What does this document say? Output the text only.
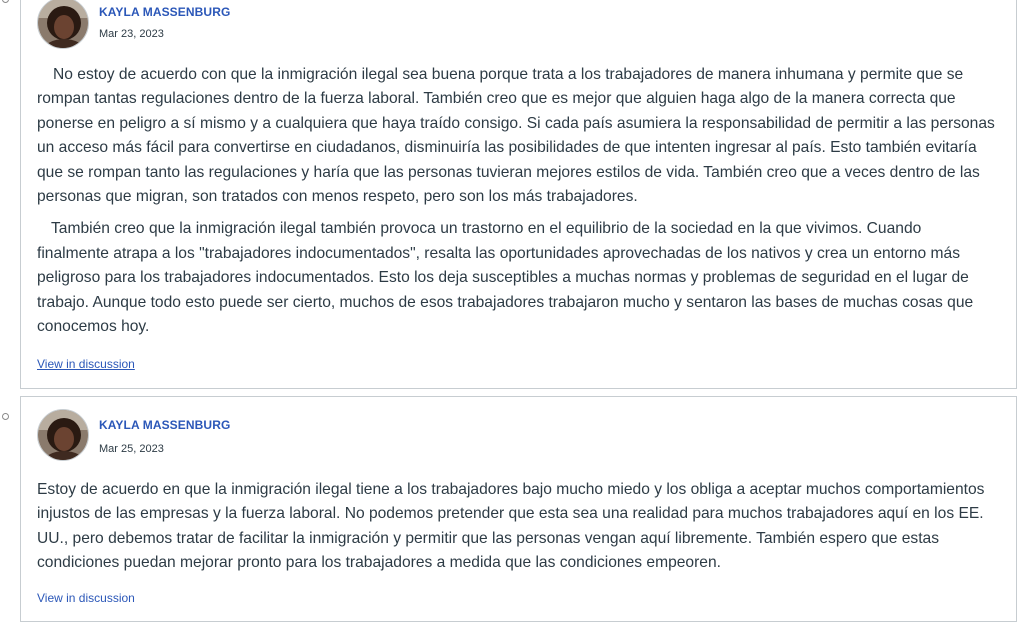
KAYLA MASSENBURG
Mar 23, 2023

No estoy de acuerdo con que la inmigración ilegal sea buena porque trata a los trabajadores de manera inhumana y permite que se rompan tantas regulaciones dentro de la fuerza laboral. También creo que es mejor que alguien haga algo de la manera correcta que ponerse en peligro a sí mismo y a cualquiera que haya traído consigo. Si cada país asumiera la responsabilidad de permitir a las personas un acceso más fácil para convertirse en ciudadanos, disminuiría las posibilidades de que intenten ingresar al país. Esto también evitaría que se rompan tanto las regulaciones y haría que las personas tuvieran mejores estilos de vida. También creo que a veces dentro de las personas que migran, son tratados con menos respeto, pero son los más trabajadores.

También creo que la inmigración ilegal también provoca un trastorno en el equilibrio de la sociedad en la que vivimos. Cuando finalmente atrapa a los "trabajadores indocumentados", resalta las oportunidades aprovechadas de los nativos y crea un entorno más peligroso para los trabajadores indocumentados. Esto los deja susceptibles a muchas normas y problemas de seguridad en el lugar de trabajo. Aunque todo esto puede ser cierto, muchos de esos trabajadores trabajaron mucho y sentaron las bases de muchas cosas que conocemos hoy.

View in discussion
KAYLA MASSENBURG
Mar 25, 2023

Estoy de acuerdo en que la inmigración ilegal tiene a los trabajadores bajo mucho miedo y los obliga a aceptar muchos comportamientos injustos de las empresas y la fuerza laboral. No podemos pretender que esta sea una realidad para muchos trabajadores aquí en los EE. UU., pero debemos tratar de facilitar la inmigración y permitir que las personas vengan aquí libremente. También espero que estas condiciones puedan mejorar pronto para los trabajadores a medida que las condiciones empeoren.

View in discussion
